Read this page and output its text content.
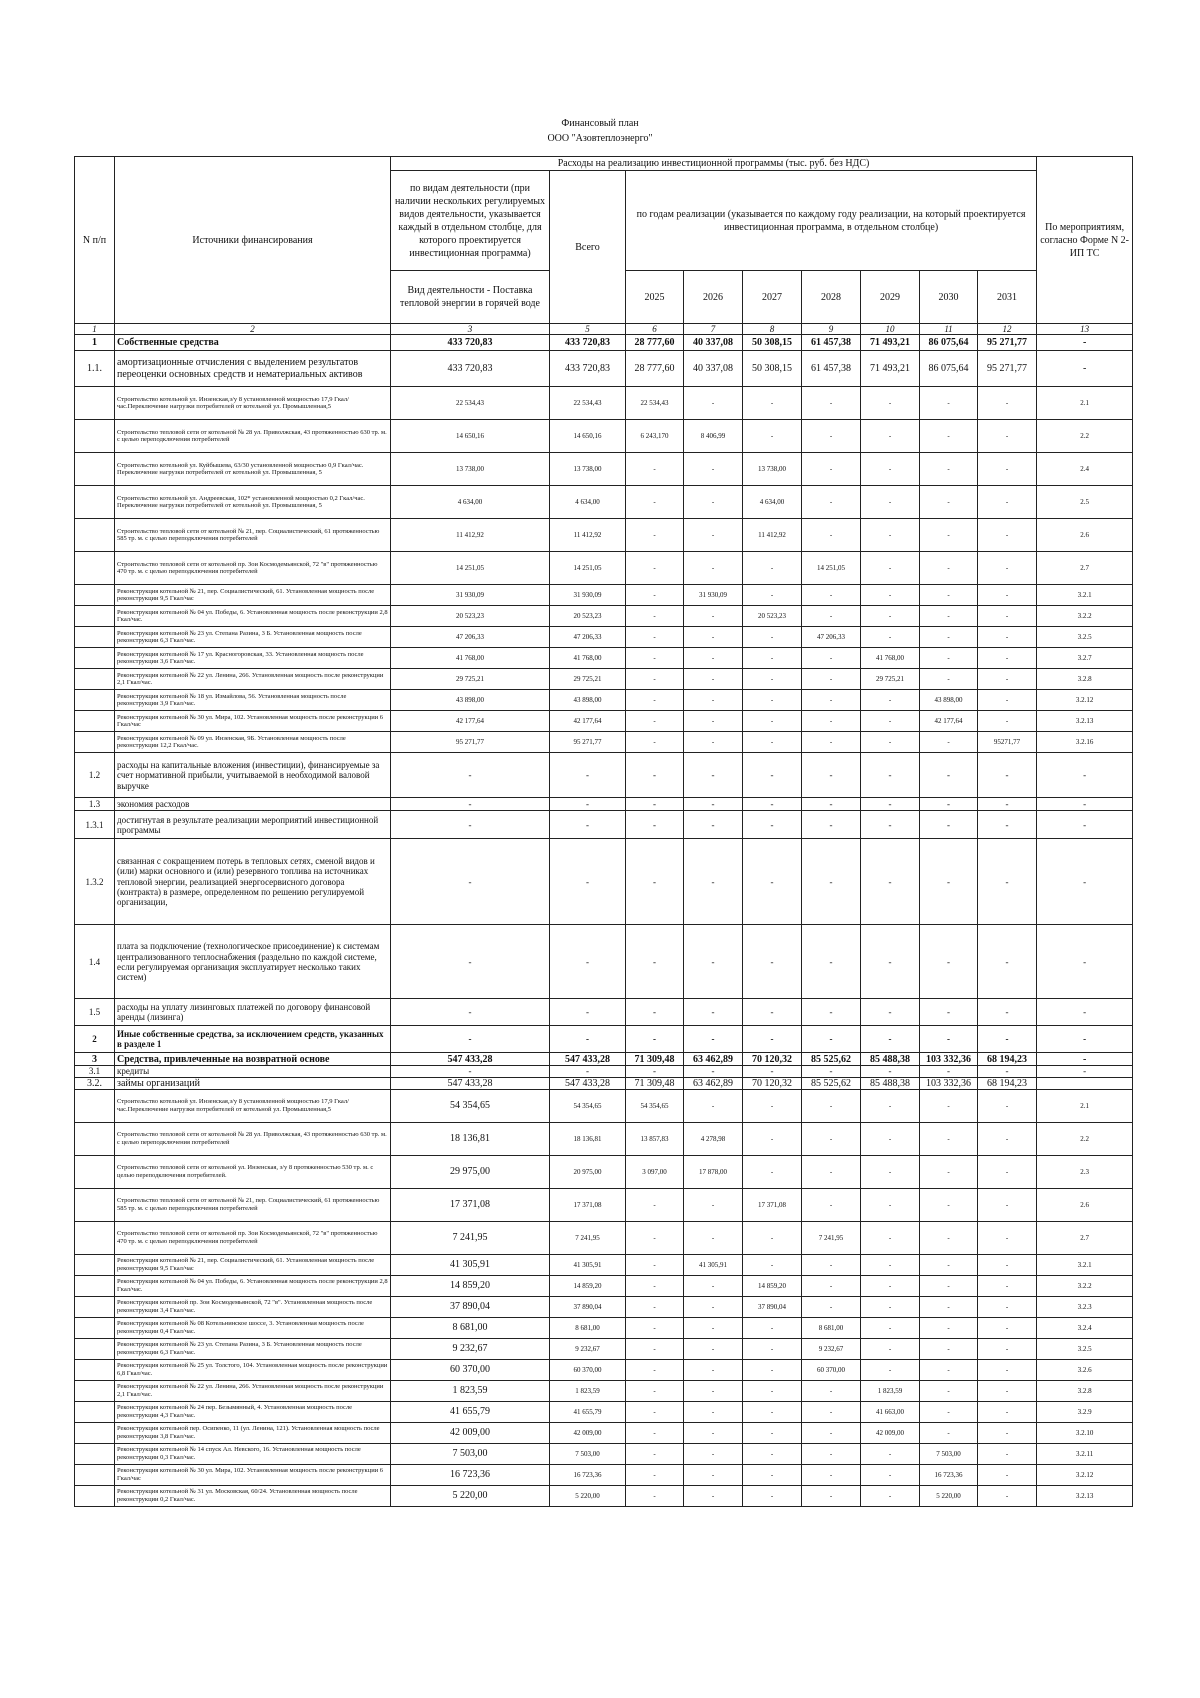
Финансовый план
ООО "Азовтеплоэнерго"
N п/п	Источники финансирования	Расходы на реализацию инвестиционной программы (тыс. руб. без НДС)									По мероприятиям, согласно Форме N 2-ИП ТС
		по видам деятельности (при наличии нескольких регулируемых видов деятельности, указывается каждый в отдельном столбце, для которого проектируется инвестиционная программа)	Всего	по годам реализации (указывается по каждому году реализации, на который проектируется инвестиционная программа, в отдельном столбце)							
		Вид деятельности - Поставка тепловой энергии в горячей воде		2025	2026	2027	2028	2029	2030	2031	
1	2	3	5	6	7	8	9	10	11	12	13
1	Собственные средства	433 720,83	433 720,83	28 777,60	40 337,08	50 308,15	61 457,38	71 493,21	86 075,64	95 271,77	-
1.1.	амортизационные отчисления с выделением результатов переоценки основных средств и нематериальных активов	433 720,83	433 720,83	28 777,60	40 337,08	50 308,15	61 457,38	71 493,21	86 075,64	95 271,77	-
	Строительство котельной ул. Инзенская,з/у 8 установленной мощностью 17,9 Гкал/час.Переключение нагрузки потребителей от котельной ул. Промышленная,5	22 534,43	22 534,43	22 534,43	-	-	-	-	-	-	2.1
	Строительство тепловой сети от котельной № 28 ул. Приволжская, 43 протяженностью 630 тр. м. с целью переподключения потребителей	14 650,16	14 650,16	6 243,170	8 406,99	-	-	-	-	-	2.2
	Строительство котельной ул. Куйбышева, 63/30 установленной мощностью 0,9 Гкал/час. Переключение нагрузки потребителей от котельной ул. Промышленная, 5	13 738,00	13 738,00	-	-	13 738,00	-	-	-	-	2.4
	Строительство котельной ул. Андреевская, 102* установленной мощностью 0,2 Гкал/час. Переключение нагрузки потребителей от котельной ул. Промышленная, 5	4 634,00	4 634,00	-	-	4 634,00	-	-	-	-	2.5
	Строительство тепловой сети от котельной № 21, пер. Социалистический, 61 протяженностью 585 тр. м. с целью переподключения потребителей	11 412,92	11 412,92	-	-	11 412,92	-	-	-	-	2.6
	Строительство тепловой сети от котельной пр. Зои Космодемьянской, 72 "в" протяженностью 470 тр. м. с целью переподключения потребителей	14 251,05	14 251,05	-	-	-	14 251,05	-	-	-	2.7
	Реконструкция котельной № 21, пер. Социалистический, 61. Установленная мощность после реконструкции 9,5 Гкал/час	31 930,09	31 930,09	-	31 930,09	-	-	-	-	-	3.2.1
	Реконструкция котельной № 04 ул. Победы, 6. Установленная мощность после реконструкции 2,8 Гкал/час.	20 523,23	20 523,23	-	-	20 523,23	-	-	-	-	3.2.2
	Реконструкция котельной № 23 ул. Степана Разина, 3 Б. Установленная мощность после реконструкции 6,3 Гкал/час.	47 206,33	47 206,33	-	-	-	47 206,33	-	-	-	3.2.5
	Реконструкция котельной № 17 ул. Красногоровская, 33. Установленная мощность после реконструкции 3,6 Гкал/час.	41 768,00	41 768,00	-	-	-	-	41 768,00	-	-	3.2.7
	Реконструкция котельной № 22 ул. Ленина, 266. Установленная мощность после реконструкции 2,1 Гкал/час.	29 725,21	29 725,21	-	-	-	-	29 725,21	-	-	3.2.8
	Реконструкция котельной № 18 ул. Измайлова, 56. Установленная мощность после реконструкции 3,9 Гкал/час.	43 898,00	43 898,00	-	-	-	-	-	43 898,00	-	3.2.12
	Реконструкция котельной № 30 ул. Мира, 102. Установленная мощность после реконструкции 6 Гкал/час	42 177,64	42 177,64	-	-	-	-	-	42 177,64	-	3.2.13
	Реконструкция котельной № 09 ул. Инзенская, 9Б. Установленная мощность после реконструкции 12,2 Гкал/час.	95 271,77	95 271,77	-	-	-	-	-	-	95271,77	3.2.16
1.2	расходы на капитальные вложения (инвестиции), финансируемые за счет нормативной прибыли, учитываемой в необходимой валовой выручке	-	-	-	-	-	-	-	-	-	-
1.3	экономия расходов	-	-	-	-	-	-	-	-	-	-
1.3.1	достигнутая в результате реализации мероприятий инвестиционной программы	-	-	-	-	-	-	-	-	-	-
1.3.2	связанная с сокращением потерь в тепловых сетях, сменой видов и (или) марки основного и (или) резервного топлива на источниках тепловой энергии, реализацией энергосервисного договора (контракта) в размере, определенном по решению регулируемой организации,	-	-	-	-	-	-	-	-	-	-
1.4	плата за подключение (технологическое присоединение) к системам централизованного теплоснабжения (раздельно по каждой системе, если регулируемая организация эксплуатирует несколько таких систем)	-	-	-	-	-	-	-	-	-	-
1.5	расходы на уплату лизинговых платежей по договору финансовой аренды (лизинга)	-	-	-	-	-	-	-	-	-	-
2	Иные собственные средства, за исключением средств, указанных в разделе 1	-	-	-	-	-	-	-	-	-	-
3	Средства, привлеченные на возвратной основе	547 433,28	547 433,28	71 309,48	63 462,89	70 120,32	85 525,62	85 488,38	103 332,36	68 194,23	-
3.1	кредиты	-	-	-	-	-	-	-	-	-	-
3.2.	займы организаций	547 433,28	547 433,28	71 309,48	63 462,89	70 120,32	85 525,62	85 488,38	103 332,36	68 194,23	
	Строительство котельной ул. Инзенская,з/у 8 установленной мощностью 17,9 Гкал/час.Переключение нагрузки потребителей от котельной ул. Промышленная,5	54 354,65	54 354,65	54 354,65	-	-	-	-	-	-	2.1
	Строительство тепловой сети от котельной № 28 ул. Приволжская, 43 протяженностью 630 тр. м. с целью переподключения потребителей	18 136,81	18 136,81	13 857,83	4 278,98	-	-	-	-	-	2.2
	Строительство тепловой сети от котельной ул. Инзенская, з/у 8 протяженностью 530 тр. м. с целью переподключения потребителей.	29 975,00	20 975,00	3 097,00	17 878,00	-	-	-	-	-	2.3
	Строительство тепловой сети от котельной № 21, пер. Социалистический, 61 протяженностью 585 тр. м. с целью переподключения потребителей	17 371,08	17 371,08	-	-	17 371,08	-	-	-	-	2.6
	Строительство тепловой сети от котельной пр. Зои Космодемьянской, 72 "в" протяженностью 470 тр. м. с целью переподключения потребителей	7 241,95	7 241,95	-	-	-	7 241,95	-	-	-	2.7
	Реконструкция котельной № 21, пер. Социалистический, 61. Установленная мощность после реконструкции 9,5 Гкал/час	41 305,91	41 305,91	-	41 305,91	-	-	-	-	-	3.2.1
	Реконструкция котельной № 04 ул. Победы, 6. Установленная мощность после реконструкции 2,8 Гкал/час.	14 859,20	14 859,20	-	-	14 859,20	-	-	-	-	3.2.2
	Реконструкция котельной пр. Зои Космодемьянской, 72 "в". Установленная мощность после реконструкции 3,4 Гкал/час.	37 890,04	37 890,04	-	-	37 890,04	-	-	-	-	3.2.3
	Реконструкция котельной № 08 Котельнинское шоссе, 3. Установленная мощность после реконструкции 0,4 Гкал/час.	8 681,00	8 681,00	-	-	-	8 681,00	-	-	-	3.2.4
	Реконструкция котельной № 23 ул. Степана Разина, 3 Б. Установленная мощность после реконструкции 6,3 Гкал/час.	9 232,67	9 232,67	-	-	-	9 232,67	-	-	-	3.2.5
	Реконструкция котельной № 25 ул. Толстого, 104. Установленная мощность после реконструкции 6,8 Гкал/час.	60 370,00	60 370,00	-	-	-	60 370,00	-	-	-	3.2.6
	Реконструкция котельной № 22 ул. Ленина, 266. Установленная мощность после реконструкции 2,1 Гкал/час.	1 823,59	1 823,59	-	-	-	-	1 823,59	-	-	3.2.8
	Реконструкция котельной № 24 пер. Безымянный, 4. Установленная мощность после реконструкции 4,3 Гкал/час.	41 655,79	41 655,79	-	-	-	-	41 663,00	-	-	3.2.9
	Реконструкция котельной пер. Осипенко, 11 (ул. Ленина, 121). Установленная мощность после реконструкции 3,8 Гкал/час.	42 009,00	42 009,00	-	-	-	-	42 009,00	-	-	3.2.10
	Реконструкция котельной № 14 спуск Ал. Невского, 16. Установленная мощность после реконструкции 0,3 Гкал/час.	7 503,00	7 503,00	-	-	-	-	-	7 503,00	-	3.2.11
	Реконструкция котельной № 30 ул. Мира, 102. Установленная мощность после реконструкции 6 Гкал/час	16 723,36	16 723,36	-	-	-	-	-	16 723,36	-	3.2.12
	Реконструкция котельной № 31 ул. Московская, 60/24. Установленная мощность после реконструкции 0,2 Гкал/час.	5 220,00	5 220,00	-	-	-	-	-	5 220,00	-	3.2.13
